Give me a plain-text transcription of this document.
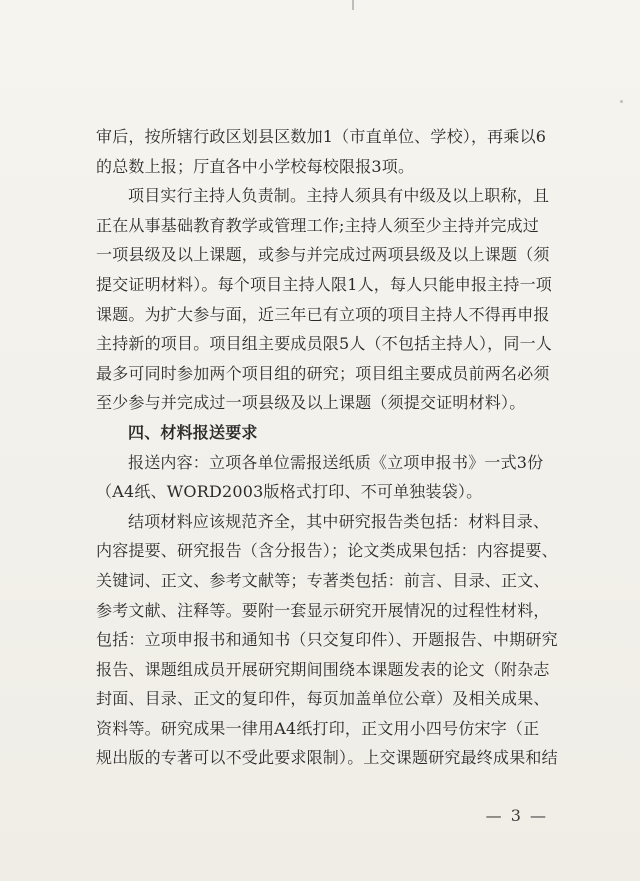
审后，按所辖行政区划县区数加1（市直单位、学校），再乘以6
的总数上报；厅直各中小学校每校限报3项。
项目实行主持人负责制。主持人须具有中级及以上职称，且
正在从事基础教育教学或管理工作;主持人须至少主持并完成过
一项县级及以上课题，或参与并完成过两项县级及以上课题（须
提交证明材料）。每个项目主持人限1人，每人只能申报主持一项
课题。为扩大参与面，近三年已有立项的项目主持人不得再申报
主持新的项目。项目组主要成员限5人（不包括主持人），同一人
最多可同时参加两个项目组的研究；项目组主要成员前两名必须
至少参与并完成过一项县级及以上课题（须提交证明材料）。
四、材料报送要求
报送内容：立项各单位需报送纸质《立项申报书》一式3份
（A4纸、WORD2003版格式打印、不可单独装袋）。
结项材料应该规范齐全，其中研究报告类包括：材料目录、
内容提要、研究报告（含分报告）；论文类成果包括：内容提要、
关键词、正文、参考文献等；专著类包括：前言、目录、正文、
参考文献、注释等。要附一套显示研究开展情况的过程性材料，
包括：立项申报书和通知书（只交复印件）、开题报告、中期研究
报告、课题组成员开展研究期间围绕本课题发表的论文（附杂志
封面、目录、正文的复印件，每页加盖单位公章）及相关成果、
资料等。研究成果一律用A4纸打印，正文用小四号仿宋字（正
规出版的专著可以不受此要求限制）。上交课题研究最终成果和结
— 3 —
